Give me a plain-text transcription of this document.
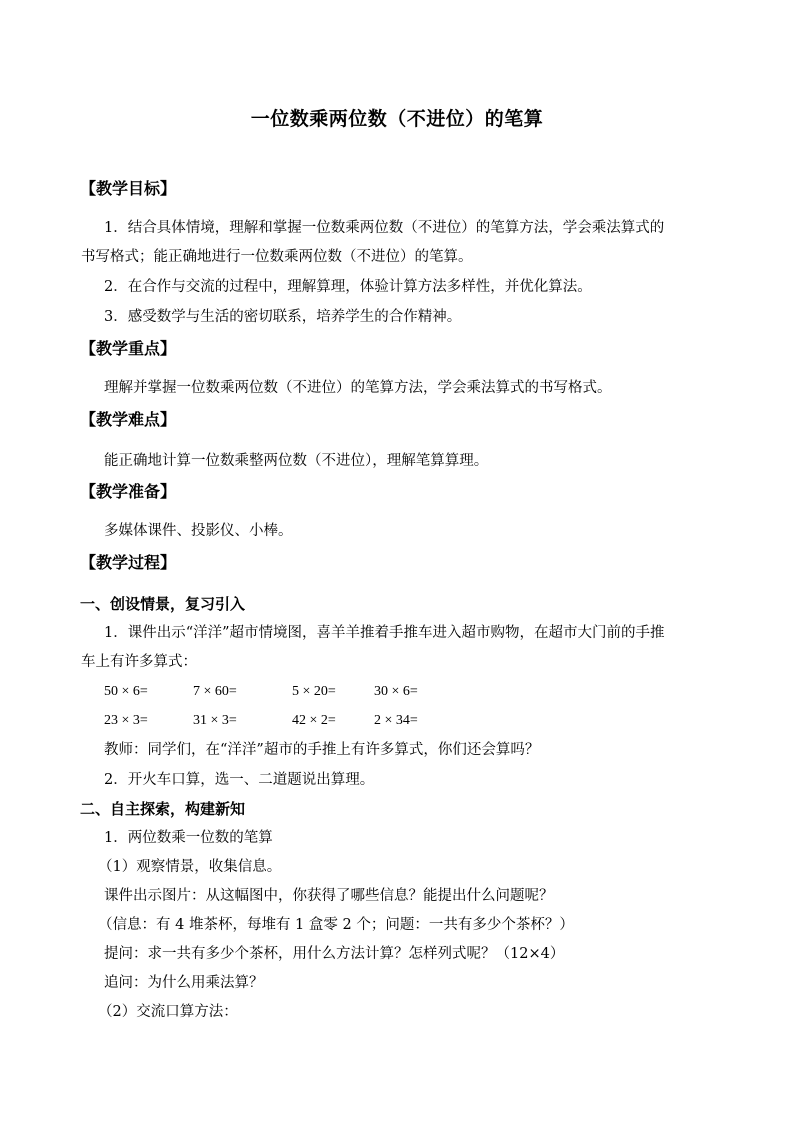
一位数乘两位数（不进位）的笔算
【教学目标】
1．结合具体情境，理解和掌握一位数乘两位数（不进位）的笔算方法，学会乘法算式的
书写格式；能正确地进行一位数乘两位数（不进位）的笔算。
2．在合作与交流的过程中，理解算理，体验计算方法多样性，并优化算法。
3．感受数学与生活的密切联系，培养学生的合作精神。
【教学重点】
理解并掌握一位数乘两位数（不进位）的笔算方法，学会乘法算式的书写格式。
【教学难点】
能正确地计算一位数乘整两位数（不进位），理解笔算算理。
【教学准备】
多媒体课件、投影仪、小棒。
【教学过程】
一、创设情景，复习引入
1．课件出示“洋洋”超市情境图，喜羊羊推着手推车进入超市购物，在超市大门前的手推
车上有许多算式：
50 × 6=	7 × 60=	5 × 20=	30 × 6=
23 × 3=	31 × 3=	42 × 2=	2 × 34=
教师：同学们，在“洋洋”超市的手推上有许多算式，你们还会算吗？
2．开火车口算，选一、二道题说出算理。
二、自主探索，构建新知
1．两位数乘一位数的笔算
（1）观察情景，收集信息。
课件出示图片：从这幅图中，你获得了哪些信息？能提出什么问题呢？
（信息：有 4 堆茶杯，每堆有 1 盒零 2 个；问题：一共有多少个茶杯？）
提问：求一共有多少个茶杯，用什么方法计算？怎样列式呢？（12×4）
追问：为什么用乘法算？
（2）交流口算方法：
